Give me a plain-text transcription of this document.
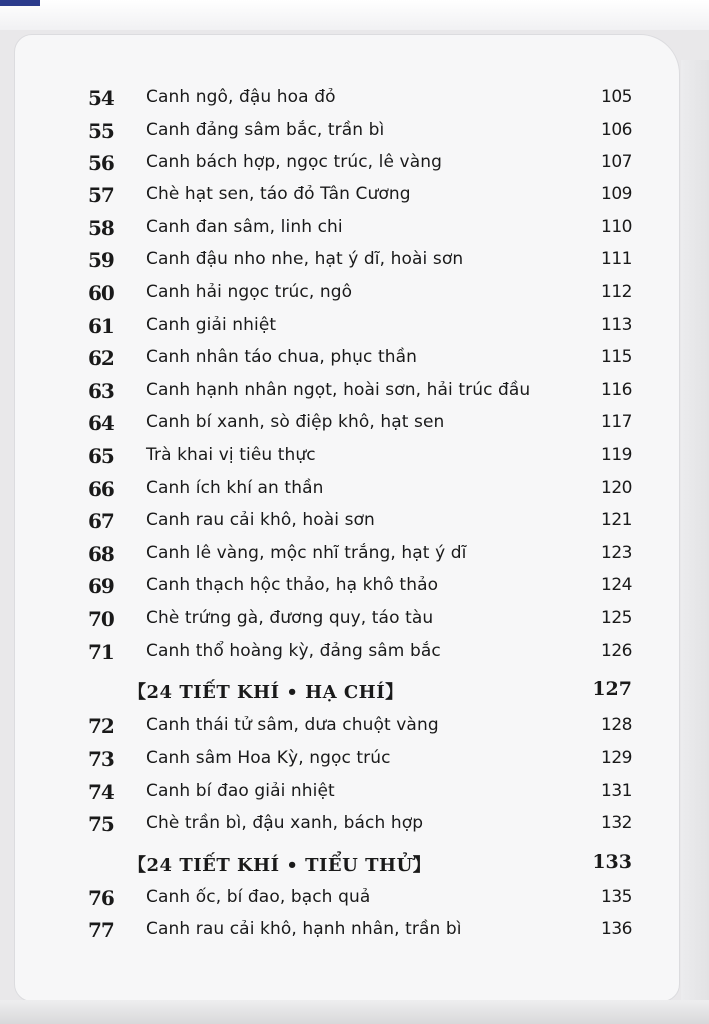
54 Canh ngô, đậu hoa đỏ	105
55 Canh đảng sâm bắc, trần bì	106
56 Canh bách hợp, ngọc trúc, lê vàng	107
57 Chè hạt sen, táo đỏ Tân Cương	109
58 Canh đan sâm, linh chi	110
59 Canh đậu nho nhe, hạt ý dĩ, hoài sơn	111
60 Canh hải ngọc trúc, ngô	112
61 Canh giải nhiệt	113
62 Canh nhân táo chua, phục thần	115
63 Canh hạnh nhân ngọt, hoài sơn, hải trúc đầu	116
64 Canh bí xanh, sò điệp khô, hạt sen	117
65 Trà khai vị tiêu thực	119
66 Canh ích khí an thần	120
67 Canh rau cải khô, hoài sơn	121
68 Canh lê vàng, mộc nhĩ trắng, hạt ý dĩ	123
69 Canh thạch hộc thảo, hạ khô thảo	124
70 Chè trứng gà, đương quy, táo tàu	125
71 Canh thổ hoàng kỳ, đảng sâm bắc	126
【24 TIẾT KHÍ • HẠ CHÍ】	127
72 Canh thái tử sâm, dưa chuột vàng	128
73 Canh sâm Hoa Kỳ, ngọc trúc	129
74 Canh bí đao giải nhiệt	131
75 Chè trần bì, đậu xanh, bách hợp	132
【24 TIẾT KHÍ • TIỂU THỬ】	133
76 Canh ốc, bí đao, bạch quả	135
77 Canh rau cải khô, hạnh nhân, trần bì	136
